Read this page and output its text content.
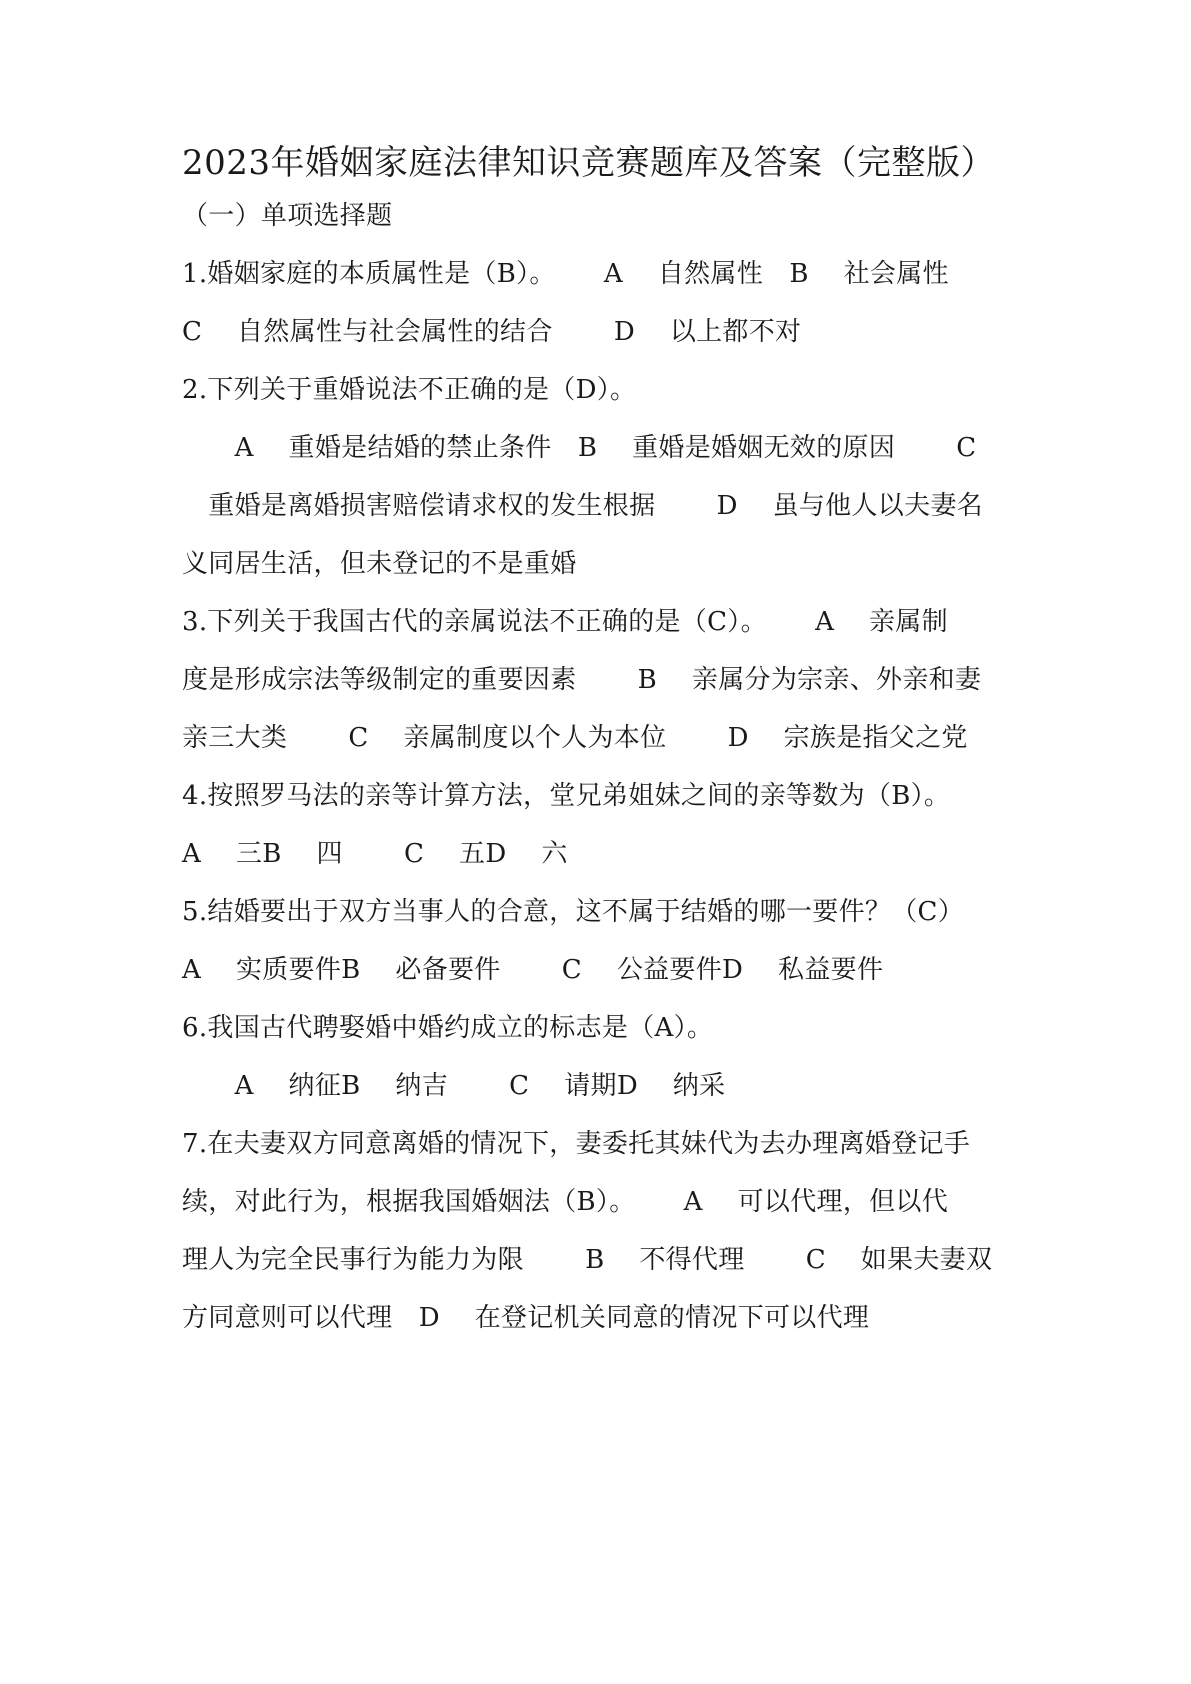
2023年婚姻家庭法律知识竞赛题库及答案（完整版）
（一）单项选择题
1.婚姻家庭的本质属性是（B）。　　 A　 自然属性　B　 社会属性
C　 自然属性与社会属性的结合　　 D　 以上都不对
2.下列关于重婚说法不正确的是（D）。
　　A　 重婚是结婚的禁止条件　B　 重婚是婚姻无效的原因　　 C
　重婚是离婚损害赔偿请求权的发生根据　　 D　 虽与他人以夫妻名
义同居生活，但未登记的不是重婚
3.下列关于我国古代的亲属说法不正确的是（C）。　　 A　 亲属制
度是形成宗法等级制定的重要因素　　 B　 亲属分为宗亲、外亲和妻
亲三大类　　 C　 亲属制度以个人为本位　　 D　 宗族是指父之党
4.按照罗马法的亲等计算方法，堂兄弟姐妹之间的亲等数为（B）。
A　 三B　 四　　 C　 五D　 六
5.结婚要出于双方当事人的合意，这不属于结婚的哪一要件？（C）
A　 实质要件B　 必备要件　　 C　 公益要件D　 私益要件
6.我国古代聘娶婚中婚约成立的标志是（A）。
　　A　 纳征B　 纳吉　　 C　 请期D　 纳采
7.在夫妻双方同意离婚的情况下，妻委托其妹代为去办理离婚登记手
续，对此行为，根据我国婚姻法（B）。　　 A　 可以代理，但以代
理人为完全民事行为能力为限　　 B　 不得代理　　 C　 如果夫妻双
方同意则可以代理　D　 在登记机关同意的情况下可以代理
